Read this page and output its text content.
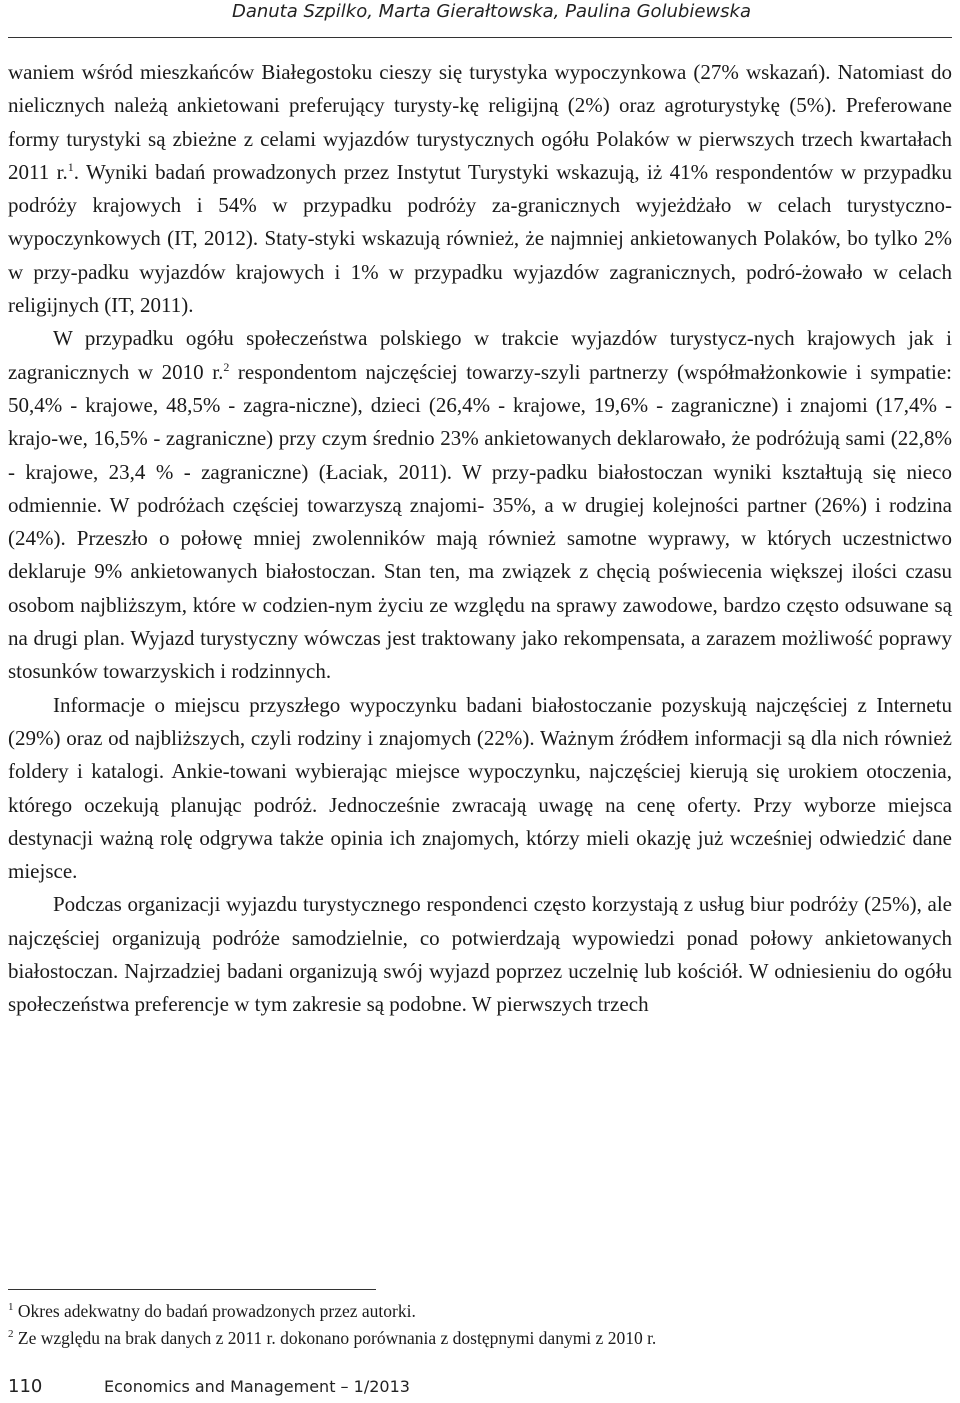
Danuta Szpilko, Marta Gierałtowska, Paulina Golubiewska

waniem wśród mieszkańców Białegostoku cieszy się turystyka wypoczynkowa (27% wskazań). Natomiast do nielicznych należą ankietowani preferujący turysty-kę religijną (2%) oraz agroturystykę (5%). Preferowane formy turystyki są zbieżne z celami wyjazdów turystycznych ogółu Polaków w pierwszych trzech kwartałach 2011 r.$^1$. Wyniki badań prowadzonych przez Instytut Turystyki wskazują, iż 41% respondentów w przypadku podróży krajowych i 54% w przypadku podróży za-granicznych wyjeżdżało w celach turystyczno-wypoczynkowych (IT, 2012). Staty-styki wskazują również, że najmniej ankietowanych Polaków, bo tylko 2% w przy-padku wyjazdów krajowych i 1% w przypadku wyjazdów zagranicznych, podró-żowało w celach religijnych (IT, 2011).

W przypadku ogółu społeczeństwa polskiego w trakcie wyjazdów turystycz-nych krajowych jak i zagranicznych w 2010 r.$^2$ respondentom najczęściej towarzy-szyli partnerzy (współmałżonkowie i sympatie: 50,4% - krajowe, 48,5% - zagra-niczne), dzieci (26,4% - krajowe, 19,6% - zagraniczne) i znajomi (17,4% - krajo-we, 16,5% - zagraniczne) przy czym średnio 23% ankietowanych deklarowało, że podróżują sami (22,8% - krajowe, 23,4 % - zagraniczne) (Łaciak, 2011). W przy-padku białostoczan wyniki kształtują się nieco odmiennie. W podróżach częściej towarzyszą znajomi- 35%, a w drugiej kolejności partner (26%) i rodzina (24%). Przeszło o połowę mniej zwolenników mają również samotne wyprawy, w których uczestnictwo deklaruje 9% ankietowanych białostoczan. Stan ten, ma związek z chęcią poświecenia większej ilości czasu osobom najbliższym, które w codzien-nym życiu ze względu na sprawy zawodowe, bardzo często odsuwane są na drugi plan. Wyjazd turystyczny wówczas jest traktowany jako rekompensata, a zarazem możliwość poprawy stosunków towarzyskich i rodzinnych.

Informacje o miejscu przyszłego wypoczynku badani białostoczanie pozyskują najczęściej z Internetu (29%) oraz od najbliższych, czyli rodziny i znajomych (22%). Ważnym źródłem informacji są dla nich również foldery i katalogi. Ankie-towani wybierając miejsce wypoczynku, najczęściej kierują się urokiem otoczenia, którego oczekują planując podróż. Jednocześnie zwracają uwagę na cenę oferty. Przy wyborze miejsca destynacji ważną rolę odgrywa także opinia ich znajomych, którzy mieli okazję już wcześniej odwiedzić dane miejsce.

Podczas organizacji wyjazdu turystycznego respondenci często korzystają z usług biur podróży (25%), ale najczęściej organizują podróże samodzielnie, co potwierdzają wypowiedzi ponad połowy ankietowanych białostoczan. Najrzadziej badani organizują swój wyjazd poprzez uczelnię lub kościół. W odniesieniu do ogółu społeczeństwa preferencje w tym zakresie są podobne. W pierwszych trzech

$^1$ Okres adekwatny do badań prowadzonych przez autorki.
$^2$ Ze względu na brak danych z 2011 r. dokonano porównania z dostępnymi danymi z 2010 r.
110	Economics and Management – 1/2013
